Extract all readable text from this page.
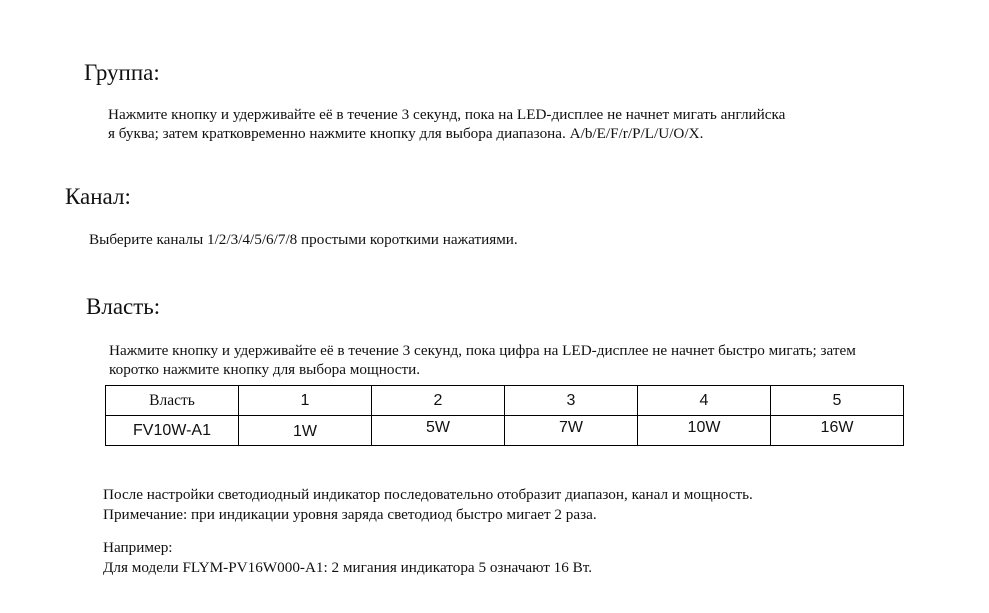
Группа:
Нажмите кнопку и удерживайте её в течение 3 секунд, пока на LED-дисплее не начнет мигать английска
я буква; затем кратковременно нажмите кнопку для выбора диапазона. A/b/E/F/r/P/L/U/O/X.
Канал:
Выберите каналы 1/2/3/4/5/6/7/8 простыми короткими нажатиями.
Власть:
Нажмите кнопку и удерживайте её в течение 3 секунд, пока цифра на LED-дисплее не начнет быстро мигать; затем
коротко нажмите кнопку для выбора мощности.
Власть	1	2	3	4	5
FV10W-A1	1W	5W	7W	10W	16W
После настройки светодиодный индикатор последовательно отобразит диапазон, канал и мощность.
Примечание: при индикации уровня заряда светодиод быстро мигает 2 раза.
Например:
Для модели FLYM-PV16W000-A1: 2 мигания индикатора 5 означают 16 Вт.
